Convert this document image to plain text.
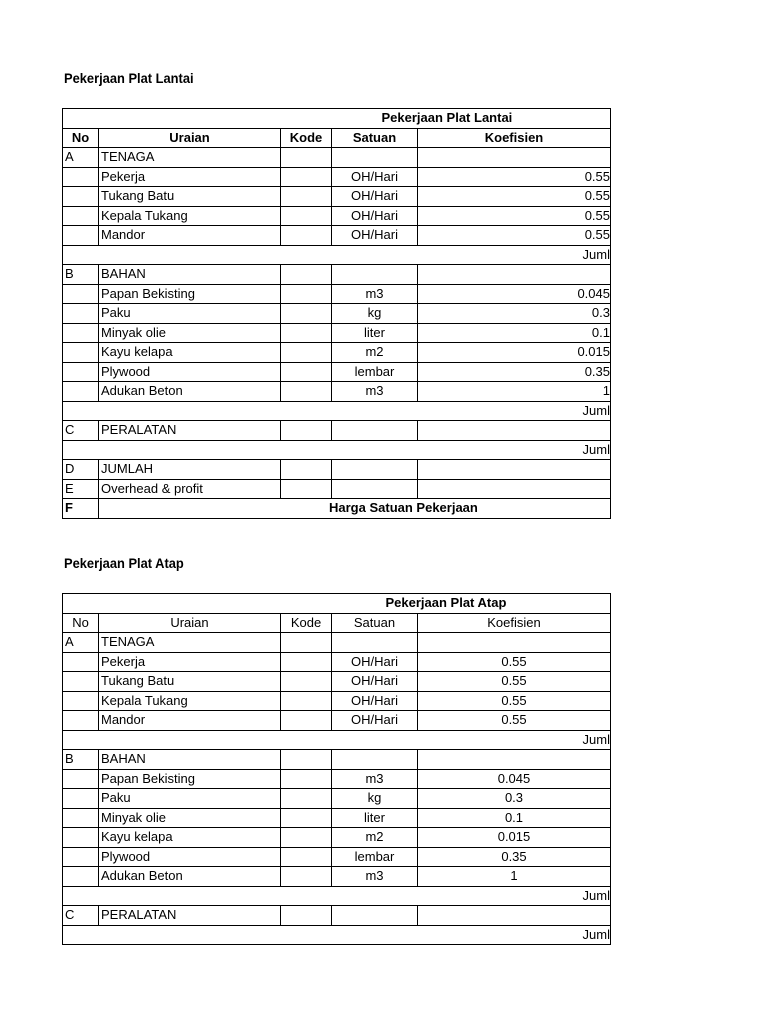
Pekerjaan Plat Lantai
			Pekerjaan Plat Lantai	
No	Uraian	Kode	Satuan	Koefisien
A	TENAGA			
	Pekerja		OH/Hari	0.55
	Tukang Batu		OH/Hari	0.55
	Kepala Tukang		OH/Hari	0.55
	Mandor		OH/Hari	0.55
				Juml
B	BAHAN			
	Papan Bekisting		m3	0.045
	Paku		kg	0.3
	Minyak olie		liter	0.1
	Kayu kelapa		m2	0.015
	Plywood		lembar	0.35
	Adukan Beton		m3	1
				Juml
C	PERALATAN			
				Juml
D	JUMLAH			
E	Overhead & profit			
F	Harga Satuan Pekerjaan			
Pekerjaan Plat Atap
			Pekerjaan Plat Atap	
No	Uraian	Kode	Satuan	Koefisien
A	TENAGA			
	Pekerja		OH/Hari	0.55
	Tukang Batu		OH/Hari	0.55
	Kepala Tukang		OH/Hari	0.55
	Mandor		OH/Hari	0.55
				Juml
B	BAHAN			
	Papan Bekisting		m3	0.045
	Paku		kg	0.3
	Minyak olie		liter	0.1
	Kayu kelapa		m2	0.015
	Plywood		lembar	0.35
	Adukan Beton		m3	1
				Juml
C	PERALATAN			
				Juml
